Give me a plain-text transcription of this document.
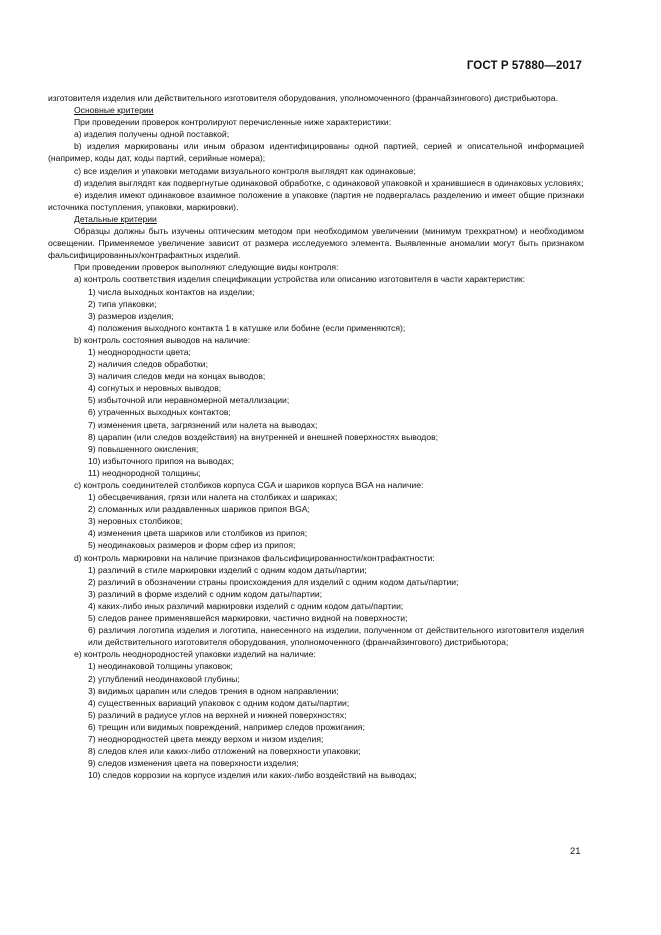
ГОСТ Р 57880—2017

изготовителя изделия или действительного изготовителя оборудования, уполномоченного (франчайзингового) дистрибьютора.

Основные критерии

При проведении проверок контролируют перечисленные ниже характеристики:

а) изделия получены одной поставкой;

b) изделия маркированы или иным образом идентифицированы одной партией, серией и описательной информацией (например, коды дат, коды партий, серийные номера);

с) все изделия и упаковки методами визуального контроля выглядят как одинаковые;

d) изделия выглядят как подвергнутые одинаковой обработке, с одинаковой упаковкой и хранившиеся в одинаковых условиях;

е) изделия имеют одинаковое взаимное положение в упаковке (партия не подвергалась разделению и имеет общие признаки источника поступления, упаковки, маркировки).

Детальные критерии

Образцы должны быть изучены оптическим методом при необходимом увеличении (минимум трехкратном) и необходимом освещении. Применяемое увеличение зависит от размера исследуемого элемента. Выявленные аномалии могут быть признаком фальсифицированных/контрафактных изделий.

При проведении проверок выполняют следующие виды контроля:

а) контроль соответствия изделия спецификации устройства или описанию изготовителя в части характеристик:

1) числа выходных контактов на изделии;

2) типа упаковки;

3) размеров изделия;

4) положения выходного контакта 1 в катушке или бобине (если применяются);

b) контроль состояния выводов на наличие:

1) неоднородности цвета;

2) наличия следов обработки;

3) наличия следов меди на концах выводов;

4) согнутых и неровных выводов;

5) избыточной или неравномерной металлизации;

6) утраченных выходных контактов;

7) изменения цвета, загрязнений или налета на выводах;

8) царапин (или следов воздействия) на внутренней и внешней поверхностях выводов;

9) повышенного окисления;

10) избыточного припоя на выводах;

11) неоднородной толщины;

с) контроль соединителей столбиков корпуса CGA и шариков корпуса BGA на наличие:

1) обесцвечивания, грязи или налета на столбиках и шариках;

2) сломанных или раздавленных шариков припоя BGA;

3) неровных столбиков;

4) изменения цвета шариков или столбиков из припоя;

5) неодинаковых размеров и форм сфер из припоя;

d) контроль маркировки на наличие признаков фальсифицированности/контрафактности:

1) различий в стиле маркировки изделий с одним кодом даты/партии;

2) различий в обозначении страны происхождения для изделий с одним кодом даты/партии;

3) различий в форме изделий с одним кодом даты/партии;

4) каких-либо иных различий маркировки изделий с одним кодом даты/партии;

5) следов ранее применявшейся маркировки, частично видной на поверхности;

6) различия логотипа изделия и логотипа, нанесенного на изделии, полученном от действительного изготовителя изделия или действительного изготовителя оборудования, уполномоченного (франчайзингового) дистрибьютора;

е) контроль неоднородностей упаковки изделий на наличие:

1) неодинаковой толщины упаковок;

2) углублений неодинаковой глубины;

3) видимых царапин или следов трения в одном направлении;

4) существенных вариаций упаковок с одним кодом даты/партии;

5) различий в радиусе углов на верхней и нижней поверхностях;

6) трещин или видимых повреждений, например следов прожигания;

7) неоднородностей цвета между верхом и низом изделия;

8) следов клея или каких-либо отложений на поверхности упаковки;

9) следов изменения цвета на поверхности изделия;

10) следов коррозии на корпусе изделия или каких-либо воздействий на выводах;

21
